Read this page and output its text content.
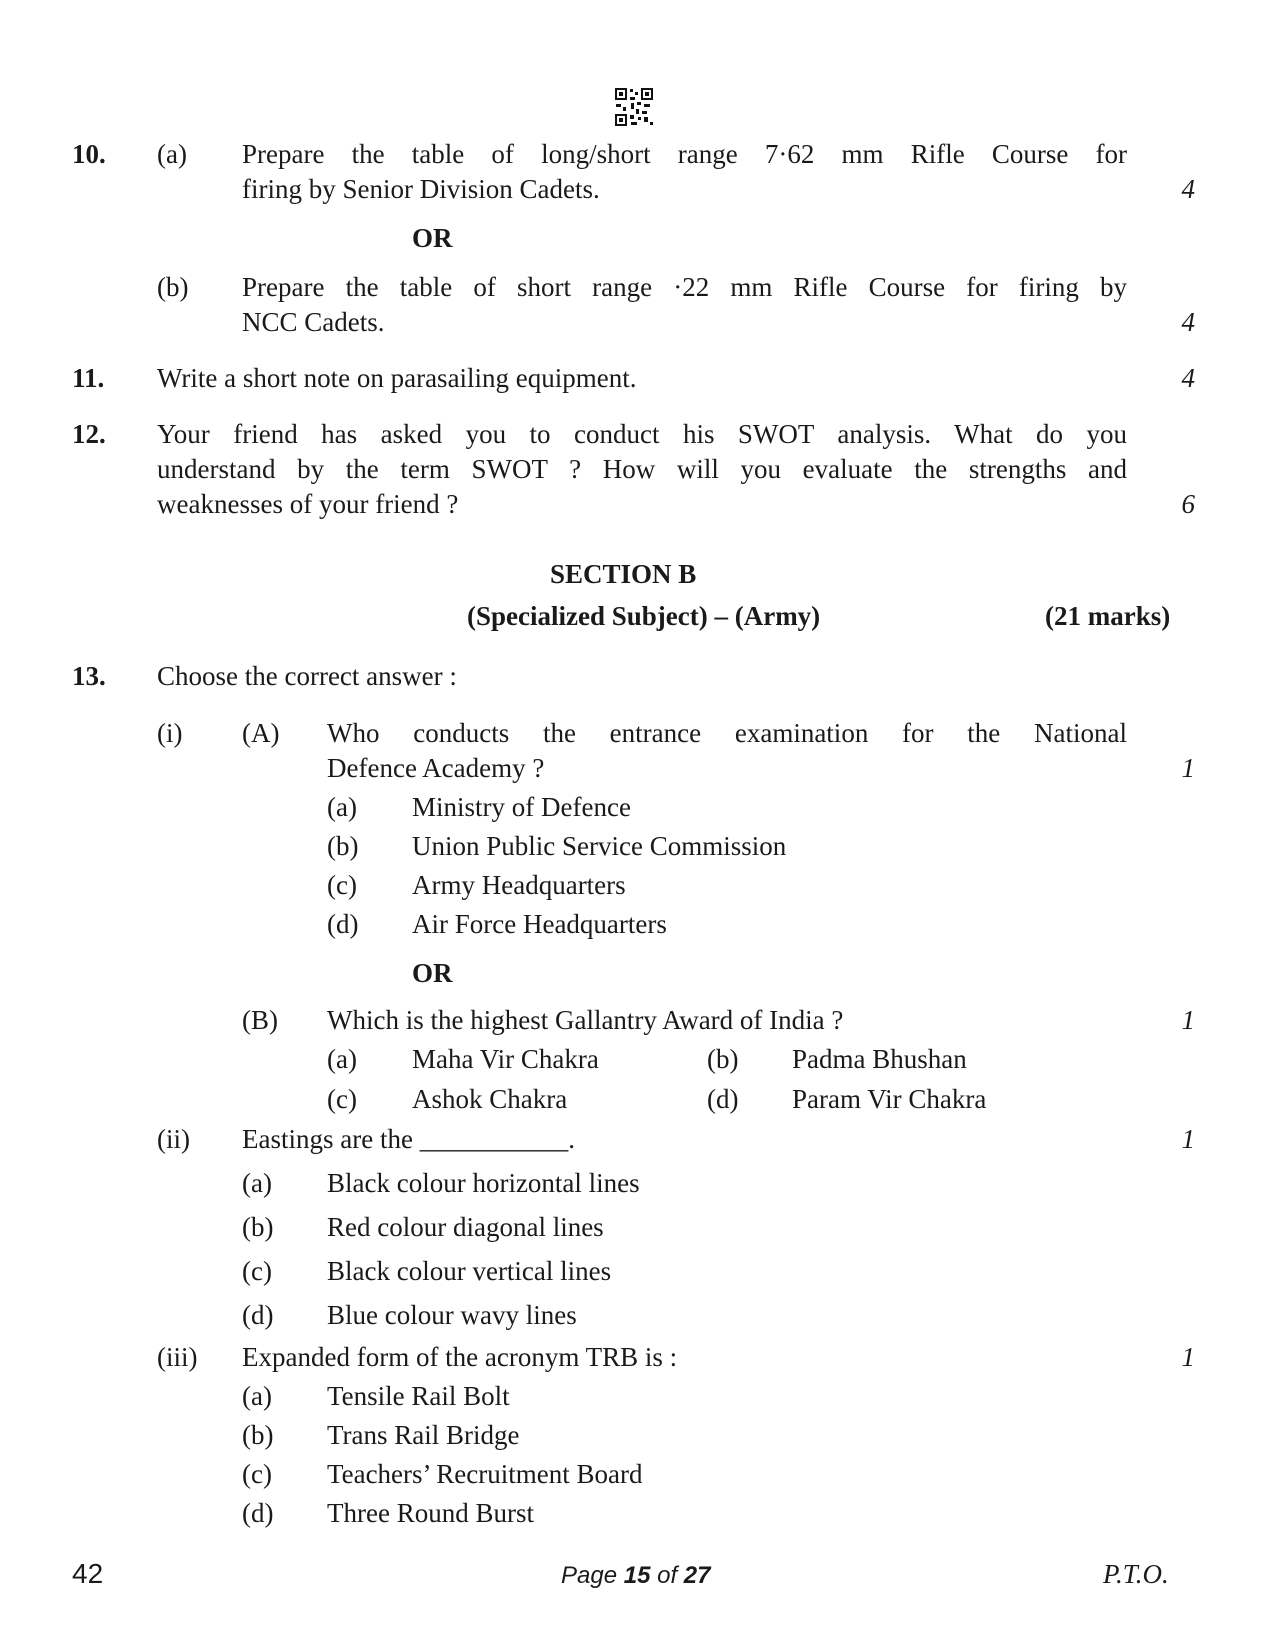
10. (a) Prepare the table of long/short range 7·62 mm Rifle Course for
firing by Senior Division Cadets.	4
OR
(b) Prepare the table of short range ·22 mm Rifle Course for firing by
NCC Cadets.	4
11. Write a short note on parasailing equipment.	4
12. Your friend has asked you to conduct his SWOT analysis. What do you
understand by the term SWOT ? How will you evaluate the strengths and
weaknesses of your friend ?	6
SECTION B
(Specialized Subject) – (Army)	(21 marks)
13. Choose the correct answer :
(i) (A) Who conducts the entrance examination for the National
Defence Academy ?	1
(a) Ministry of Defence
(b) Union Public Service Commission
(c) Army Headquarters
(d) Air Force Headquarters
OR
(B) Which is the highest Gallantry Award of India ?	1
(a) Maha Vir Chakra	(b) Padma Bhushan
(c) Ashok Chakra	(d) Param Vir Chakra
(ii) Eastings are the ___________.	1
(a) Black colour horizontal lines
(b) Red colour diagonal lines
(c) Black colour vertical lines
(d) Blue colour wavy lines
(iii) Expanded form of the acronym TRB is :	1
(a) Tensile Rail Bolt
(b) Trans Rail Bridge
(c) Teachers’ Recruitment Board
(d) Three Round Burst
42	Page 15 of 27	P.T.O.
